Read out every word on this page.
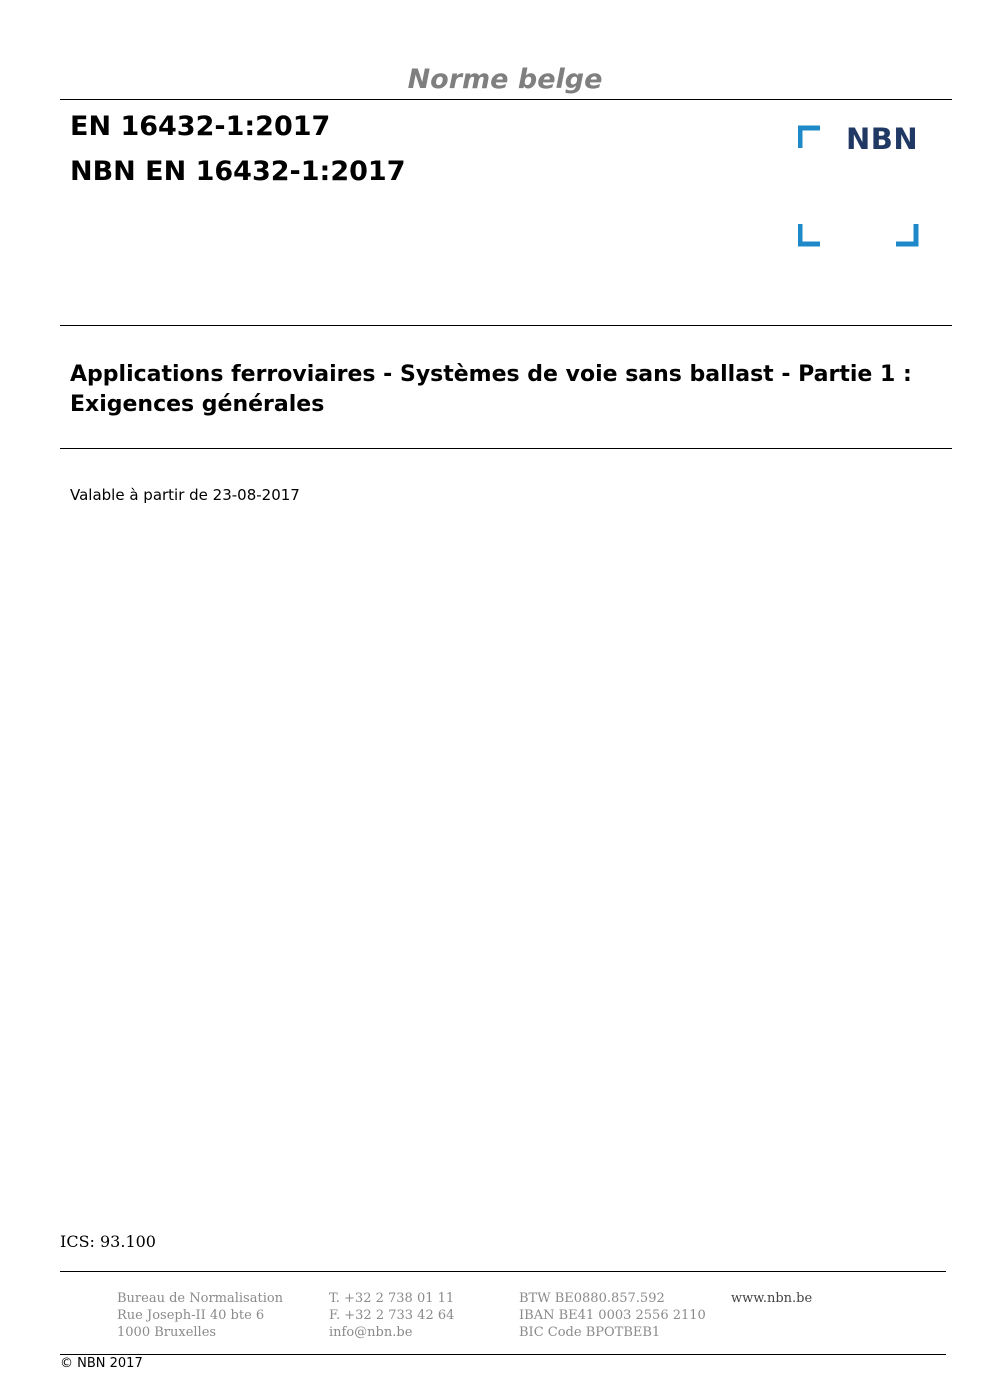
Norme belge
EN 16432-1:2017
NBN EN 16432-1:2017
NBN
Applications ferroviaires - Systèmes de voie sans ballast - Partie 1 : Exigences générales
Valable à partir de 23-08-2017
ICS: 93.100
Bureau de Normalisation
Rue Joseph-II 40 bte 6
1000 Bruxelles
T. +32 2 738 01 11
F. +32 2 733 42 64
info@nbn.be
BTW BE0880.857.592
IBAN BE41 0003 2556 2110
BIC Code BPOTBEB1
www.nbn.be
© NBN 2017
